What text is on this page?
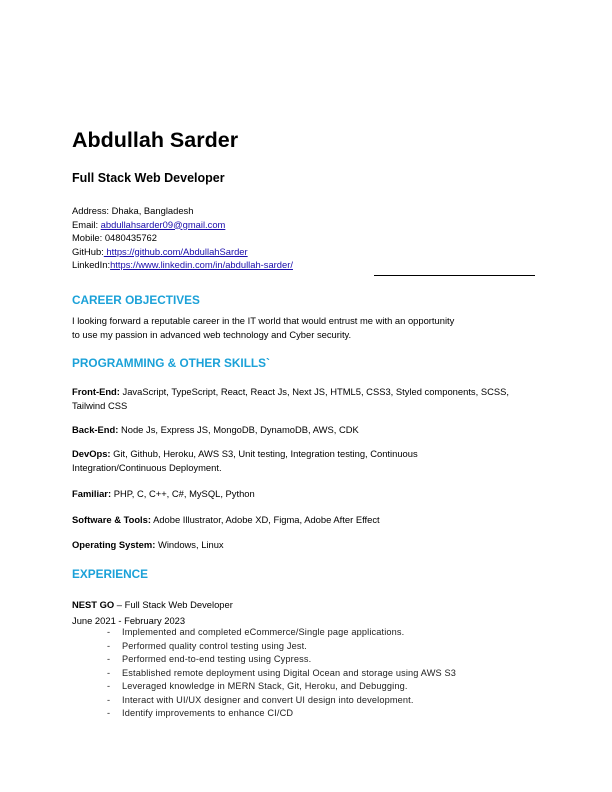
Abdullah Sarder
Full Stack Web Developer
Address: Dhaka, Bangladesh
Email: abdullahsarder09@gmail.com
Mobile: 0480435762
GitHub: https://github.com/AbdullahSarder
LinkedIn:https://www.linkedin.com/in/abdullah-sarder/
CAREER OBJECTIVES
I looking forward a reputable career in the IT world that would entrust me with an opportunity
to use my passion in advanced web technology and Cyber security.
PROGRAMMING & OTHER SKILLS`
Front-End: JavaScript, TypeScript, React, React Js, Next JS, HTML5, CSS3, Styled components, SCSS, Tailwind CSS
Back-End: Node Js, Express JS, MongoDB, DynamoDB, AWS, CDK
DevOps: Git, Github, Heroku, AWS S3, Unit testing, Integration testing, Continuous Integration/Continuous Deployment.
Familiar: PHP, C, C++, C#, MySQL, Python
Software & Tools: Adobe Illustrator, Adobe XD, Figma, Adobe After Effect
Operating System: Windows, Linux
EXPERIENCE
NEST GO – Full Stack Web Developer
June 2021 - February 2023
- Implemented and completed eCommerce/Single page applications.
- Performed quality control testing using Jest.
- Performed end-to-end testing using Cypress.
- Established remote deployment using Digital Ocean and storage using AWS S3
- Leveraged knowledge in MERN Stack, Git, Heroku, and Debugging.
- Interact with UI/UX designer and convert UI design into development.
- Identify improvements to enhance CI/CD
